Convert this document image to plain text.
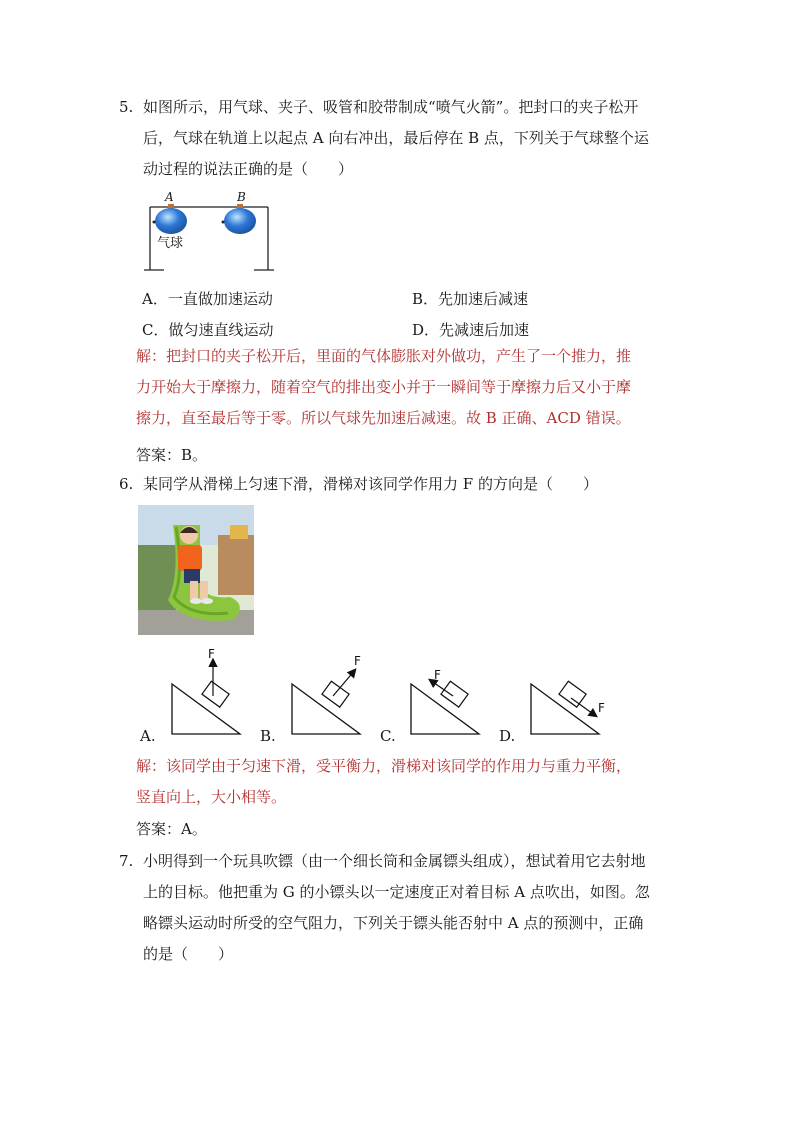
5. 如图所示，用气球、夹子、吸管和胶带制成“喷气火箭”。把封口的夹子松开
后，气球在轨道上以起点 A 向右冲出，最后停在 B 点，下列关于气球整个运
动过程的说法正确的是（　　）
A	B
气球
A．一直做加速运动	B．先加速后减速
C．做匀速直线运动	D．先减速后加速
解：把封口的夹子松开后，里面的气体膨胀对外做功，产生了一个推力，推
力开始大于摩擦力，随着空气的排出变小并于一瞬间等于摩擦力后又小于摩
擦力，直至最后等于零。所以气球先加速后减速。故 B 正确、ACD 错误。
答案：B。
6. 某同学从滑梯上匀速下滑，滑梯对该同学作用力 F 的方向是（　　）
F	F
F
F
A.	B.	C.	D.
解：该同学由于匀速下滑，受平衡力，滑梯对该同学的作用力与重力平衡，
竖直向上，大小相等。
答案：A。
7. 小明得到一个玩具吹镖（由一个细长筒和金属镖头组成），想试着用它去射地
上的目标。他把重为 G 的小镖头以一定速度正对着目标 A 点吹出，如图。忽
略镖头运动时所受的空气阻力，下列关于镖头能否射中 A 点的预测中，正确
的是（　　）
